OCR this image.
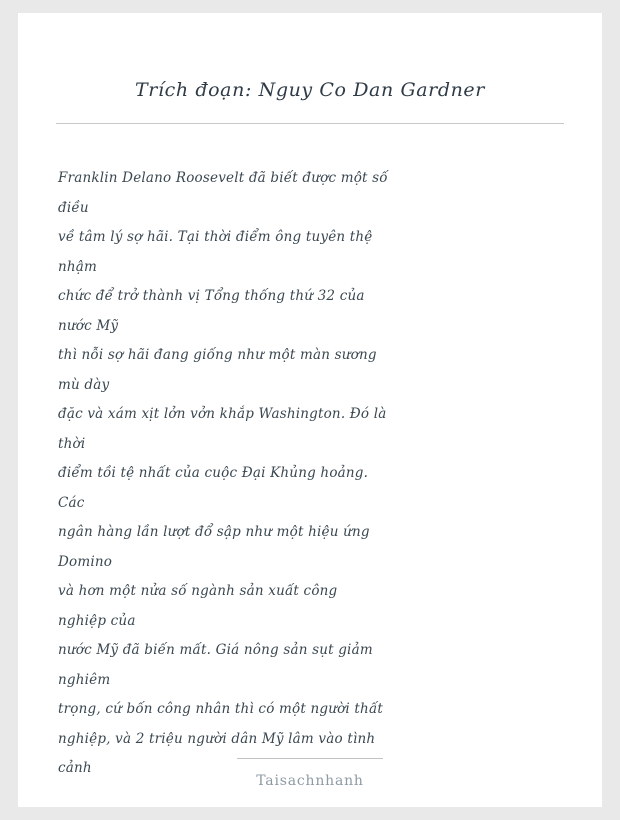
Trích đoạn: Nguy Co Dan Gardner
Franklin Delano Roosevelt đã biết được một số điều
về tâm lý sợ hãi. Tại thời điểm ông tuyên thệ nhậm
chức để trở thành vị Tổng thống thứ 32 của nước Mỹ
thì nỗi sợ hãi đang giống như một màn sương mù dày
đặc và xám xịt lởn vởn khắp Washington. Đó là thời
điểm tồi tệ nhất của cuộc Đại Khủng hoảng. Các
ngân hàng lần lượt đổ sập như một hiệu ứng Domino
và hơn một nửa số ngành sản xuất công nghiệp của
nước Mỹ đã biến mất. Giá nông sản sụt giảm nghiêm
trọng, cứ bốn công nhân thì có một người thất
nghiệp, và 2 triệu người dân Mỹ lâm vào tình cảnh
Taisachnhanh
